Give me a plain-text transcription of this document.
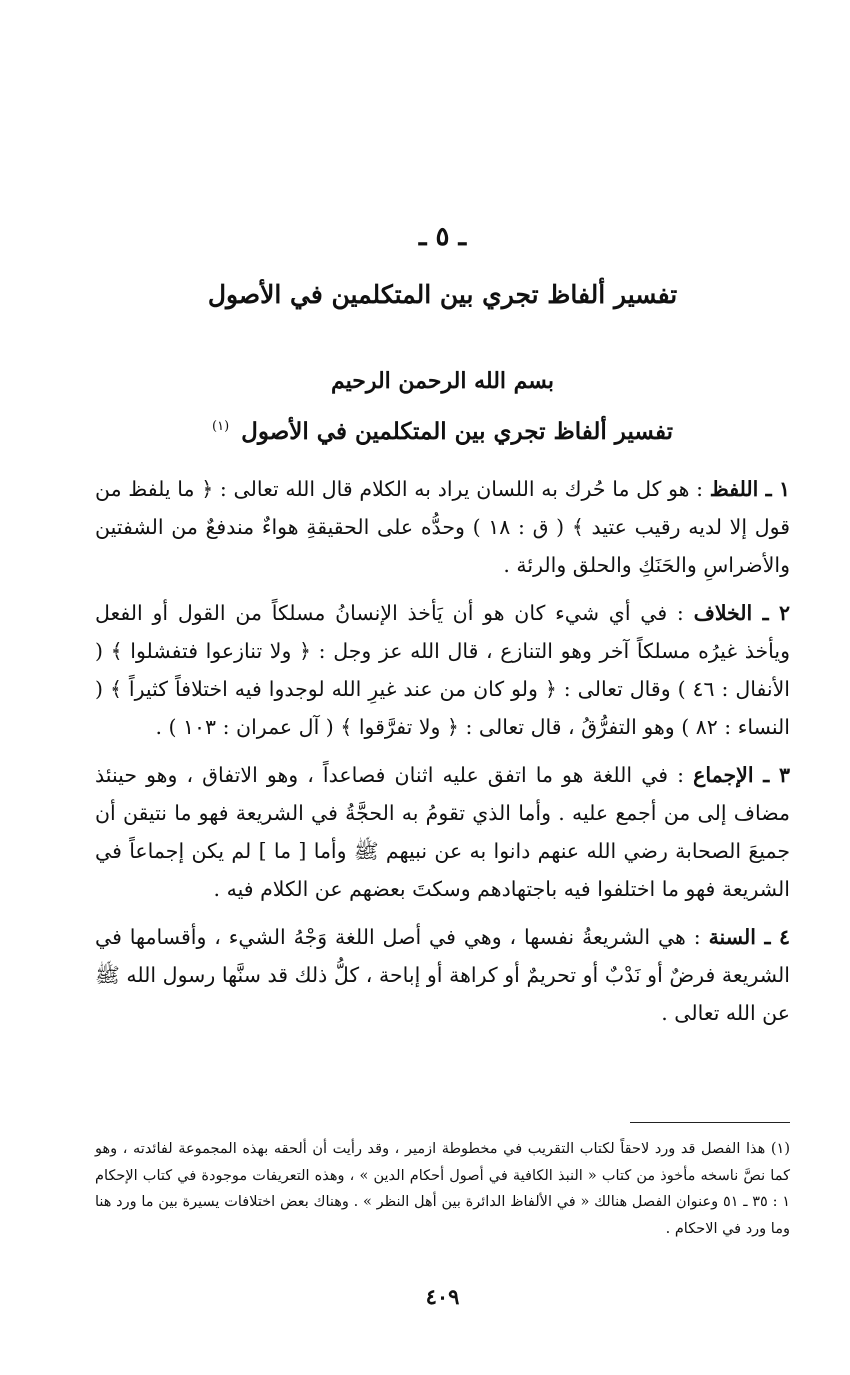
ـ ٥ ـ
تفسير ألفاظ تجري بين المتكلمين في الأصول
بسم الله الرحمن الرحيم
تفسير ألفاظ تجري بين المتكلمين في الأصول $^{(١)}$

١ ـ اللفظ : هو كل ما حُرك به اللسان يراد به الكلام قال الله تعالى : ﴿ ما يلفظ من قول إلا لديه رقيب عتيد ﴾ ( ق : ١٨ ) وحدُّه على الحقيقةِ هواءٌ مندفعٌ من الشفتين والأضراسِ والحَنَكِ والحلق والرئة .

٢ ـ الخلاف : في أي شيء كان هو أن يَأخذ الإنسانُ مسلكاً من القول أو الفعل ويأخذ غيرُه مسلكاً آخر وهو التنازع ، قال الله عز وجل : ﴿ ولا تنازعوا فتفشلوا ﴾ ( الأنفال : ٤٦ ) وقال تعالى : ﴿ ولو كان من عند غيرِ الله لوجدوا فيه اختلافاً كثيراً ﴾ ( النساء : ٨٢ ) وهو التفرُّقُ ، قال تعالى : ﴿ ولا تفرَّقوا ﴾ ( آل عمران : ١٠٣ ) .

٣ ـ الإجماع : في اللغة هو ما اتفق عليه اثنان فصاعداً ، وهو الاتفاق ، وهو حينئذ مضاف إلى من أجمع عليه . وأما الذي تقومُ به الحجَّةُ في الشريعة فهو ما نتيقن أن جميعَ الصحابة رضي الله عنهم دانوا به عن نبيهم ﷺ وأما [ ما ] لم يكن إجماعاً في الشريعة فهو ما اختلفوا فيه باجتهادهم وسكتَ بعضهم عن الكلام فيه .

٤ ـ السنة : هي الشريعةُ نفسها ، وهي في أصل اللغة وَجْهُ الشيء ، وأقسامها في الشريعة فرضٌ أو نَدْبٌ أو تحريمٌ أو كراهة أو إباحة ، كلُّ ذلك قد سنَّها رسول الله ﷺ عن الله تعالى .

(١) هذا الفصل قد ورد لاحقاً لكتاب التقريب في مخطوطة ازمير ، وقد رأيت أن ألحقه بهذه المجموعة لفائدته ، وهو كما نصَّ ناسخه مأخوذ من كتاب « النبذ الكافية في أصول أحكام الدين » ، وهذه التعريفات موجودة في كتاب الإحكام ١ : ٣٥ ـ ٥١ وعنوان الفصل هنالك « في الألفاظ الدائرة بين أهل النظر » . وهناك بعض اختلافات يسيرة بين ما ورد هنا وما ورد في الاحكام .

٤٠٩
